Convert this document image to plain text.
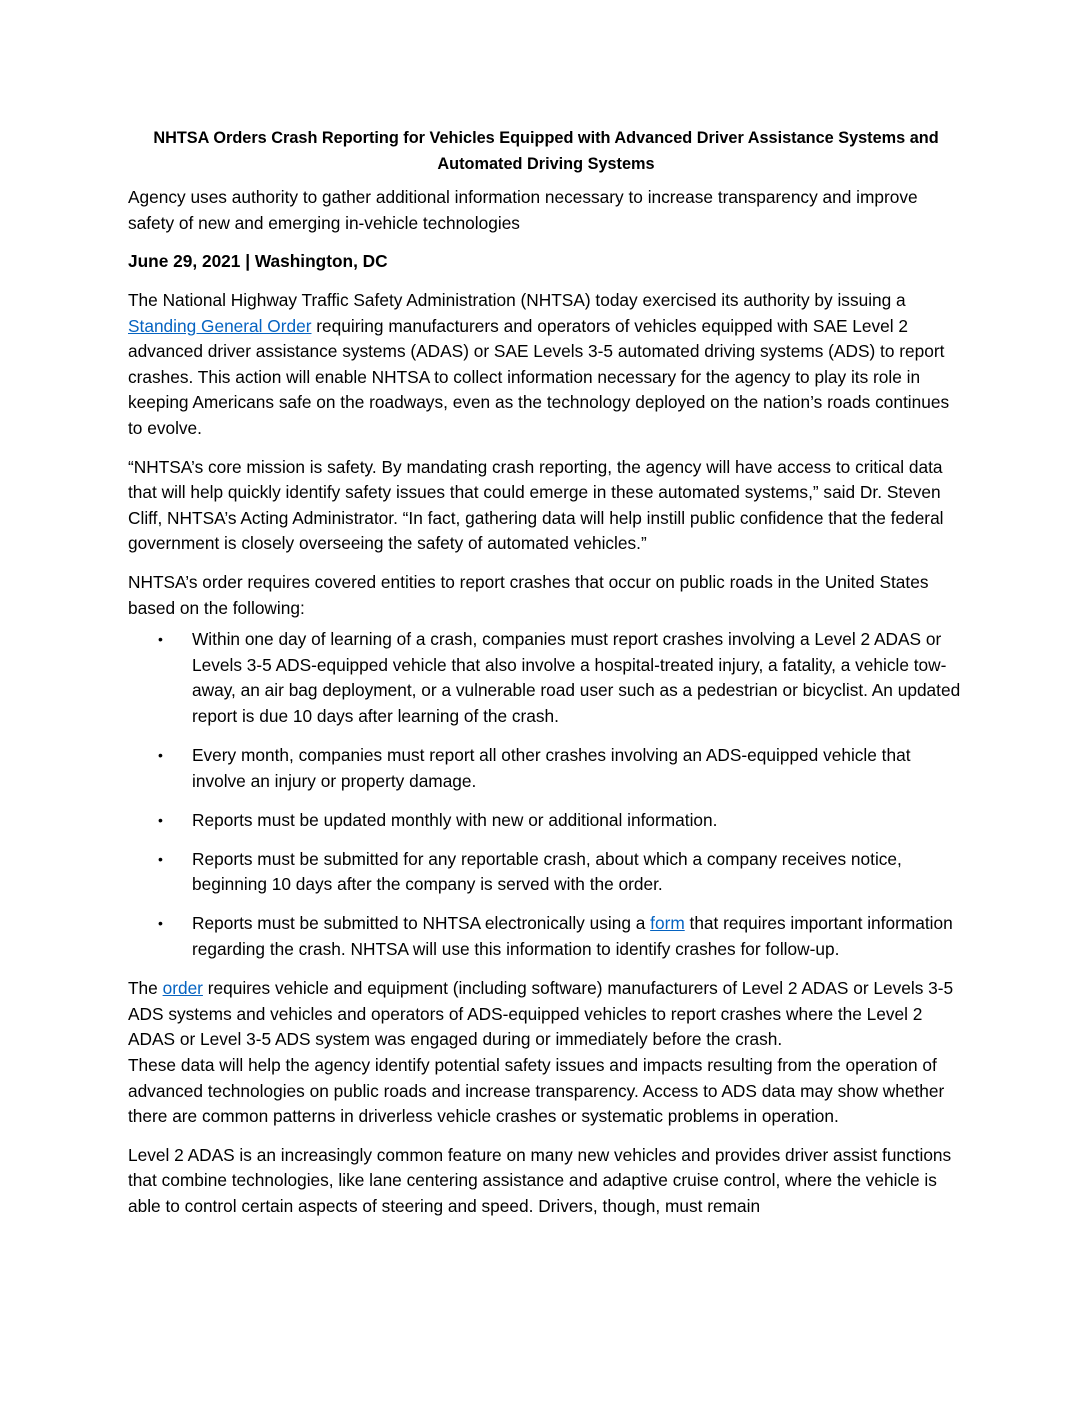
NHTSA Orders Crash Reporting for Vehicles Equipped with Advanced Driver Assistance Systems and Automated Driving Systems

Agency uses authority to gather additional information necessary to increase transparency and improve safety of new and emerging in-vehicle technologies

June 29, 2021 | Washington, DC

The National Highway Traffic Safety Administration (NHTSA) today exercised its authority by issuing a Standing General Order requiring manufacturers and operators of vehicles equipped with SAE Level 2 advanced driver assistance systems (ADAS) or SAE Levels 3-5 automated driving systems (ADS) to report crashes. This action will enable NHTSA to collect information necessary for the agency to play its role in keeping Americans safe on the roadways, even as the technology deployed on the nation’s roads continues to evolve.

“NHTSA’s core mission is safety. By mandating crash reporting, the agency will have access to critical data that will help quickly identify safety issues that could emerge in these automated systems,” said Dr. Steven Cliff, NHTSA’s Acting Administrator. “In fact, gathering data will help instill public confidence that the federal government is closely overseeing the safety of automated vehicles.”

NHTSA’s order requires covered entities to report crashes that occur on public roads in the United States based on the following:

• Within one day of learning of a crash, companies must report crashes involving a Level 2 ADAS or Levels 3-5 ADS-equipped vehicle that also involve a hospital-treated injury, a fatality, a vehicle tow-away, an air bag deployment, or a vulnerable road user such as a pedestrian or bicyclist. An updated report is due 10 days after learning of the crash.
• Every month, companies must report all other crashes involving an ADS-equipped vehicle that involve an injury or property damage.
• Reports must be updated monthly with new or additional information.
• Reports must be submitted for any reportable crash, about which a company receives notice, beginning 10 days after the company is served with the order.
• Reports must be submitted to NHTSA electronically using a form that requires important information regarding the crash. NHTSA will use this information to identify crashes for follow-up.

The order requires vehicle and equipment (including software) manufacturers of Level 2 ADAS or Levels 3-5 ADS systems and vehicles and operators of ADS-equipped vehicles to report crashes where the Level 2 ADAS or Level 3-5 ADS system was engaged during or immediately before the crash.

These data will help the agency identify potential safety issues and impacts resulting from the operation of advanced technologies on public roads and increase transparency. Access to ADS data may show whether there are common patterns in driverless vehicle crashes or systematic problems in operation.

Level 2 ADAS is an increasingly common feature on many new vehicles and provides driver assist functions that combine technologies, like lane centering assistance and adaptive cruise control, where the vehicle is able to control certain aspects of steering and speed. Drivers, though, must remain
